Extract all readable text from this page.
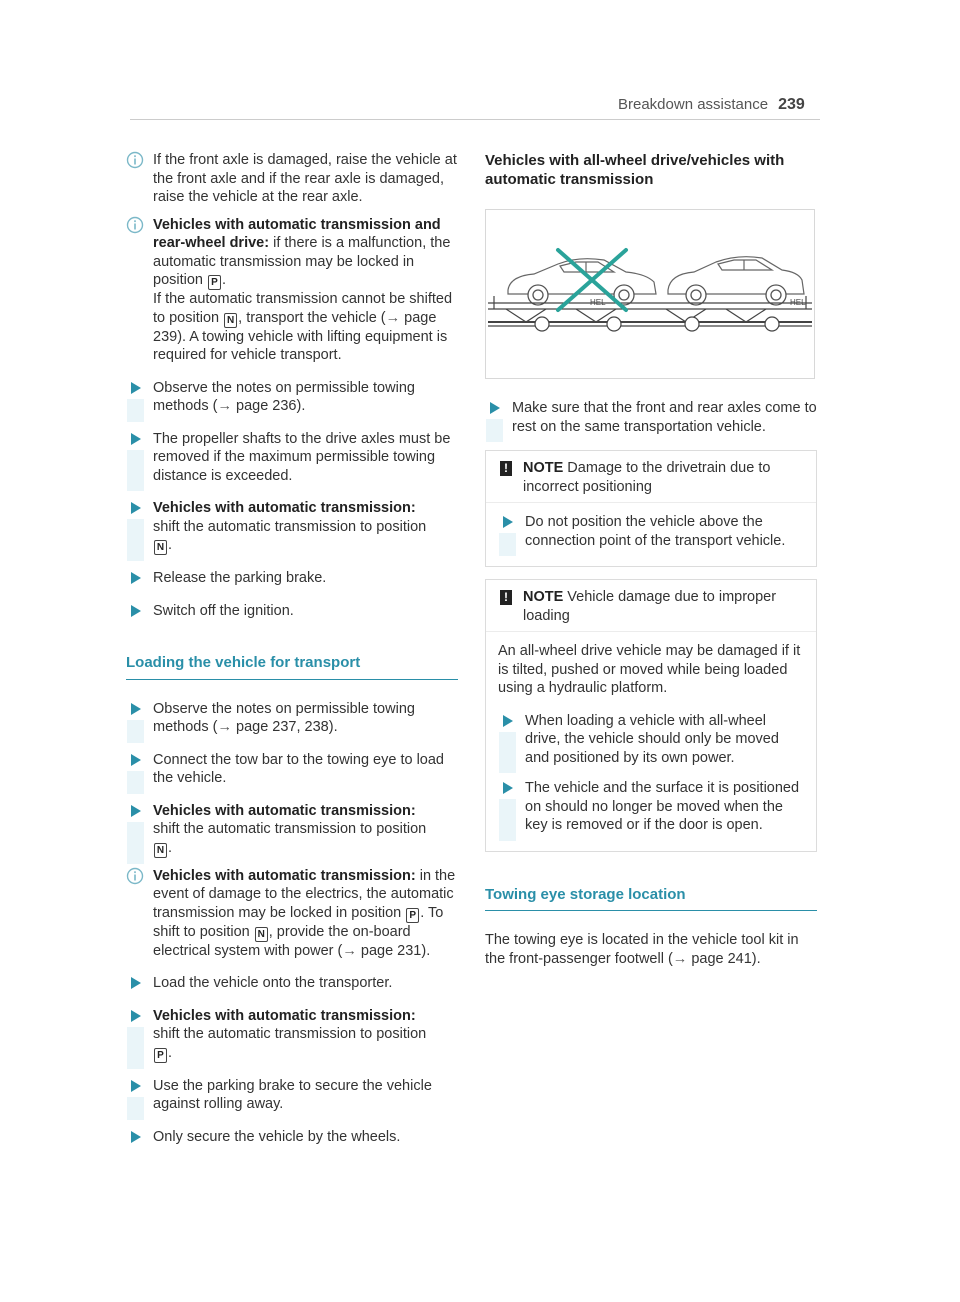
Breakdown assistance 239
If the front axle is damaged, raise the vehicle at the front axle and if the rear axle is damaged, raise the vehicle at the rear axle.
Vehicles with automatic transmission and rear-wheel drive: if there is a malfunction, the automatic transmission may be locked in position P .
If the automatic transmission cannot be shifted to position N , transport the vehicle (→ page 239). A towing vehicle with lifting equipment is required for vehicle transport.
Observe the notes on permissible towing methods (→ page 236).
The propeller shafts to the drive axles must be removed if the maximum permissible towing distance is exceeded.
Vehicles with automatic transmission:
shift the automatic transmission to position
N .
Release the parking brake.
Switch off the ignition.
Loading the vehicle for transport
Observe the notes on permissible towing methods (→ page 237, 238).
Connect the tow bar to the towing eye to load the vehicle.
Vehicles with automatic transmission:
shift the automatic transmission to position
N .
Vehicles with automatic transmission: in the event of damage to the electrics, the automatic transmission may be locked in position P . To shift to position N , provide the on-board electrical system with power (→ page 231).
Load the vehicle onto the transporter.
Vehicles with automatic transmission:
shift the automatic transmission to position
P .
Use the parking brake to secure the vehicle against rolling away.
Only secure the vehicle by the wheels.
Vehicles with all-wheel drive/vehicles with automatic transmission
HEL	HEL
Make sure that the front and rear axles come to rest on the same transportation vehicle.
! NOTE Damage to the drivetrain due to incorrect positioning
Do not position the vehicle above the connection point of the transport vehicle.
! NOTE Vehicle damage due to improper loading

An all-wheel drive vehicle may be damaged if it is tilted, pushed or moved while being loaded using a hydraulic platform.

When loading a vehicle with all-wheel drive, the vehicle should only be moved and positioned by its own power.
The vehicle and the surface it is positioned on should no longer be moved when the key is removed or if the door is open.
Towing eye storage location

The towing eye is located in the vehicle tool kit in the front-passenger footwell (→ page 241).
